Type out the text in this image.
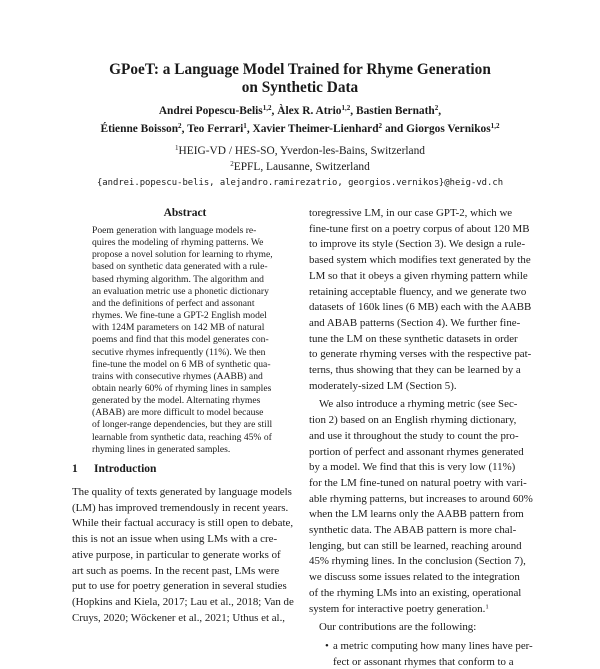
GPoeT: a Language Model Trained for Rhyme Generation
on Synthetic Data
Andrei Popescu-Belis$^{1,2}$, Àlex R. Atrio$^{1,2}$, Bastien Bernath$^2$,
Étienne Boisson$^2$, Teo Ferrari$^1$, Xavier Theimer-Lienhard$^2$ and Giorgos Vernikos$^{1,2}$
$^1$HEIG-VD / HES-SO, Yverdon-les-Bains, Switzerland
$^2$EPFL, Lausanne, Switzerland
{andrei.popescu-belis, alejandro.ramirezatrio, georgios.vernikos}@heig-vd.ch
Abstract
Poem generation with language models re-
quires the modeling of rhyming patterns. We
propose a novel solution for learning to rhyme,
based on synthetic data generated with a rule-
based rhyming algorithm. The algorithm and
an evaluation metric use a phonetic dictionary
and the definitions of perfect and assonant
rhymes. We fine-tune a GPT-2 English model
with 124M parameters on 142 MB of natural
poems and find that this model generates con-
secutive rhymes infrequently (11%). We then
fine-tune the model on 6 MB of synthetic qua-
trains with consecutive rhymes (AABB) and
obtain nearly 60% of rhyming lines in samples
generated by the model. Alternating rhymes
(ABAB) are more difficult to model because
of longer-range dependencies, but they are still
learnable from synthetic data, reaching 45% of
rhyming lines in generated samples.
1 Introduction
The quality of texts generated by language models
(LM) has improved tremendously in recent years.
While their factual accuracy is still open to debate,
this is not an issue when using LMs with a cre-
ative purpose, in particular to generate works of
art such as poems. In the recent past, LMs were
put to use for poetry generation in several studies
(Hopkins and Kiela, 2017; Lau et al., 2018; Van de
Cruys, 2020; Wöckener et al., 2021; Uthus et al.,
toregressive LM, in our case GPT-2, which we
fine-tune first on a poetry corpus of about 120 MB
to improve its style (Section 3). We design a rule-
based system which modifies text generated by the
LM so that it obeys a given rhyming pattern while
retaining acceptable fluency, and we generate two
datasets of 160k lines (6 MB) each with the AABB
and ABAB patterns (Section 4). We further fine-
tune the LM on these synthetic datasets in order
to generate rhyming verses with the respective pat-
terns, thus showing that they can be learned by a
moderately-sized LM (Section 5).
We also introduce a rhyming metric (see Sec-
tion 2) based on an English rhyming dictionary,
and use it throughout the study to count the pro-
portion of perfect and assonant rhymes generated
by a model. We find that this is very low (11%)
for the LM fine-tuned on natural poetry with vari-
able rhyming patterns, but increases to around 60%
when the LM learns only the AABB pattern from
synthetic data. The ABAB pattern is more chal-
lenging, but can still be learned, reaching around
45% rhyming lines. In the conclusion (Section 7),
we discuss some issues related to the integration
of the rhyming LMs into an existing, operational
system for interactive poetry generation.$^1$
Our contributions are the following:
a metric computing how many lines have per-
fect or assonant rhymes that conform to a
•
